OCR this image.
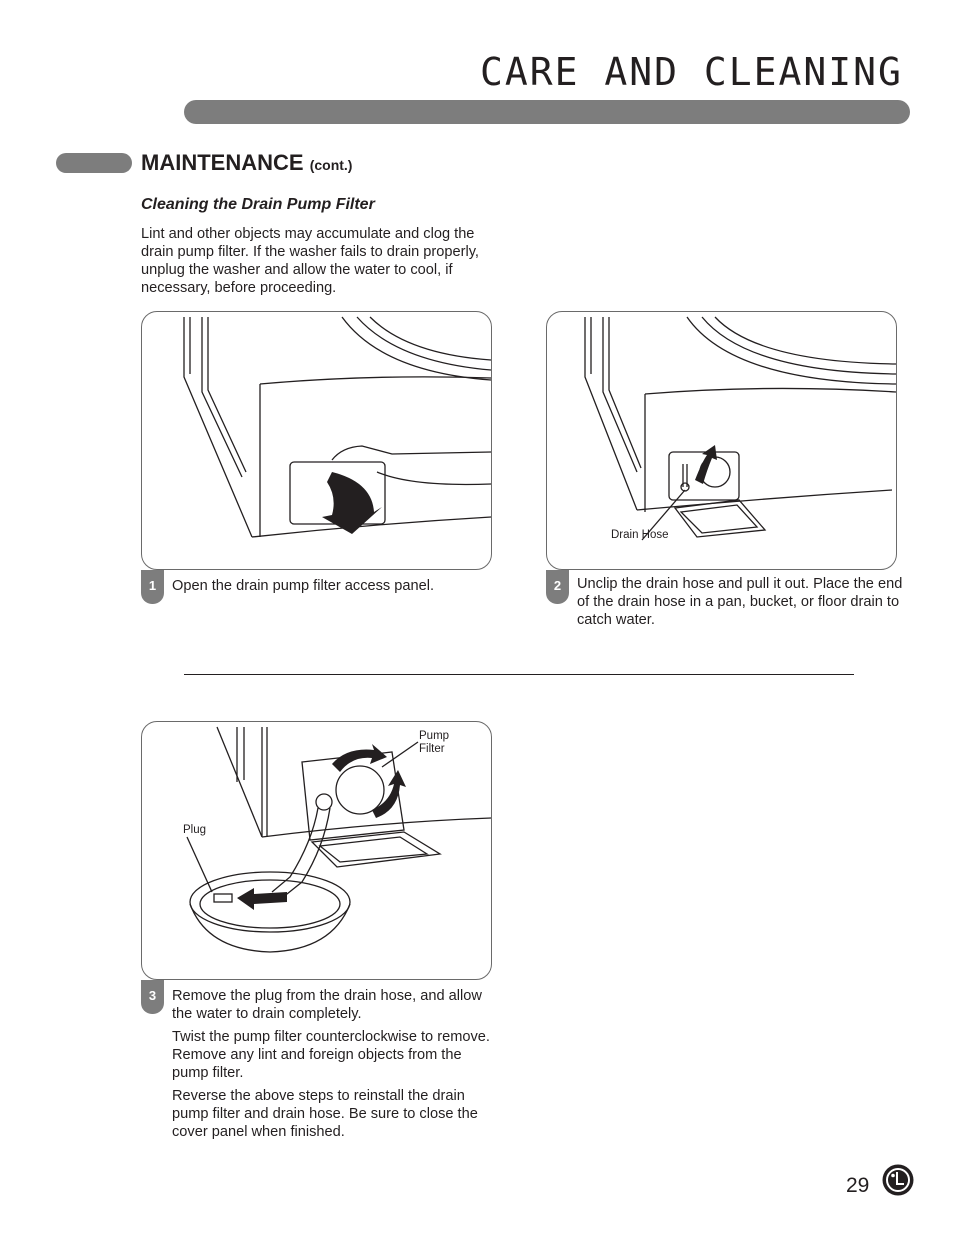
CARE AND CLEANING
MAINTENANCE (cont.)
Cleaning the Drain Pump Filter
Lint and other objects may accumulate and clog the drain pump filter. If the washer fails to drain properly, unplug the washer and allow the water to cool, if necessary, before proceeding.
1	Open the drain pump filter access panel.

Drain Hose
2	Unclip the drain hose and pull it out. Place the end of the drain hose in a pan, bucket, or floor drain to catch water.

Pump
Filter
Plug
3	Remove the plug from the drain hose, and allow the water to drain completely.

Twist the pump filter counterclockwise to remove. Remove any lint and foreign objects from the pump filter.

Reverse the above steps to reinstall the drain pump filter and drain hose. Be sure to close the cover panel when finished.

29
